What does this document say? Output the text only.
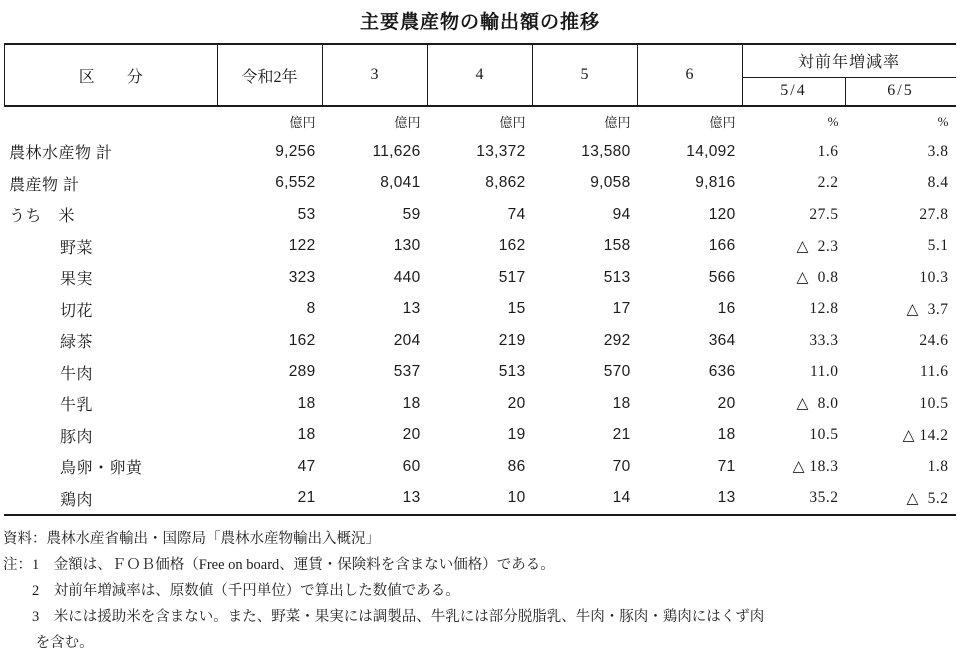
主要農産物の輸出額の推移
区　　分	令和2年	3	4	5	6
対前年増減率
5/4	6/5
億円	億円	億円	億円	億円	%	%
農林水産物 計	9,256	11,626	13,372	13,580	14,092	1.6	3.8
農産物 計	6,552	8,041	8,862	9,058	9,816	2.2	8.4
うち　米	53	59	74	94	120	27.5	27.8
野菜	122	130	162	158	166	△  2.3	5.1
果実	323	440	517	513	566	△  0.8	10.3
切花	8	13	15	17	16	12.8	△  3.7
緑茶	162	204	219	292	364	33.3	24.6
牛肉	289	537	513	570	636	11.0	11.6
牛乳	18	18	20	18	20	△  8.0	10.5
豚肉	18	20	19	21	18	10.5	△ 14.2
鳥卵・卵黄	47	60	86	70	71	△ 18.3	1.8
鶏肉	21	13	10	14	13	35.2	△  5.2
資料：農林水産省輸出・国際局「農林水産物輸出入概況」
注：1　金額は、ＦＯＢ価格（Free on board、運賃・保険料を含まない価格）である。
　　2　対前年増減率は、原数値（千円単位）で算出した数値である。
　　3　米には援助米を含まない。また、野菜・果実には調製品、牛乳には部分脱脂乳、牛肉・豚肉・鶏肉にはくず肉
　　 を含む。
